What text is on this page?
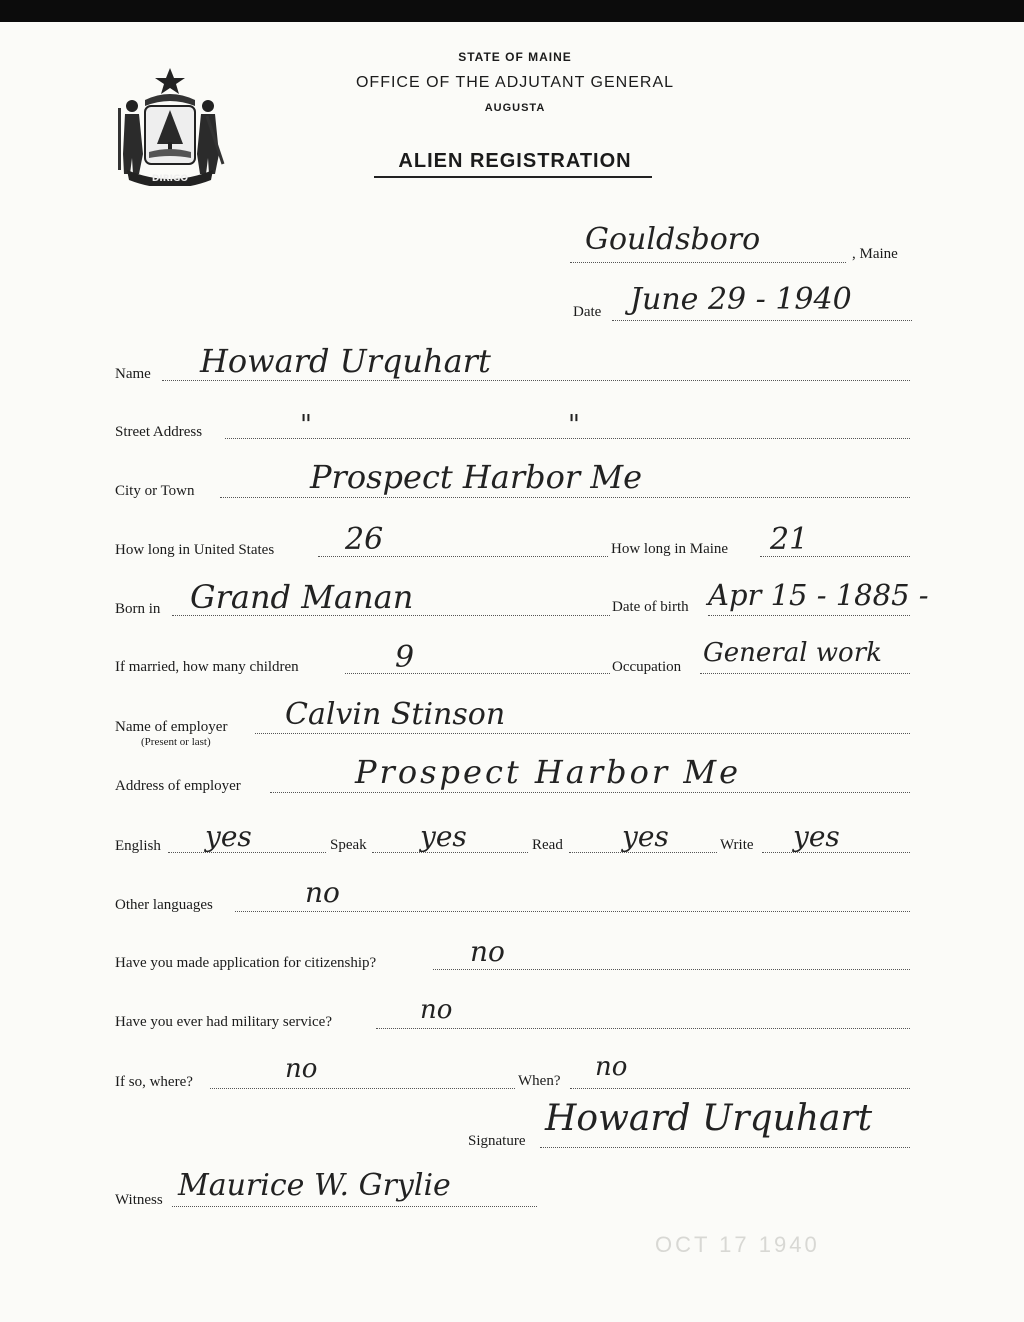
DIRIGO
STATE OF MAINE
OFFICE OF THE ADJUTANT GENERAL
AUGUSTA
ALIEN REGISTRATION
Gouldsboro	, Maine
Date June 29 - 1940
Name Howard Urquhart
Street Address	"	"
City or Town	Prospect Harbor Me
How long in United States 26	How long in Maine 21
Born in Grand Manan	Date of birth Apr 15 - 1885 -
If married, how many children	9	Occupation General work
Name of employer
(Present or last)
Calvin Stinson
Address of employer	Prospect Harbor Me
English yes	Speak yes	Read yes	Write yes
Other languages	no
Have you made application for citizenship?	no
Have you ever had military service?	no
If so, where?	no	When? no
Signature
Howard Urquhart
Witness Maurice W. Grylie
OCT 17 1940
